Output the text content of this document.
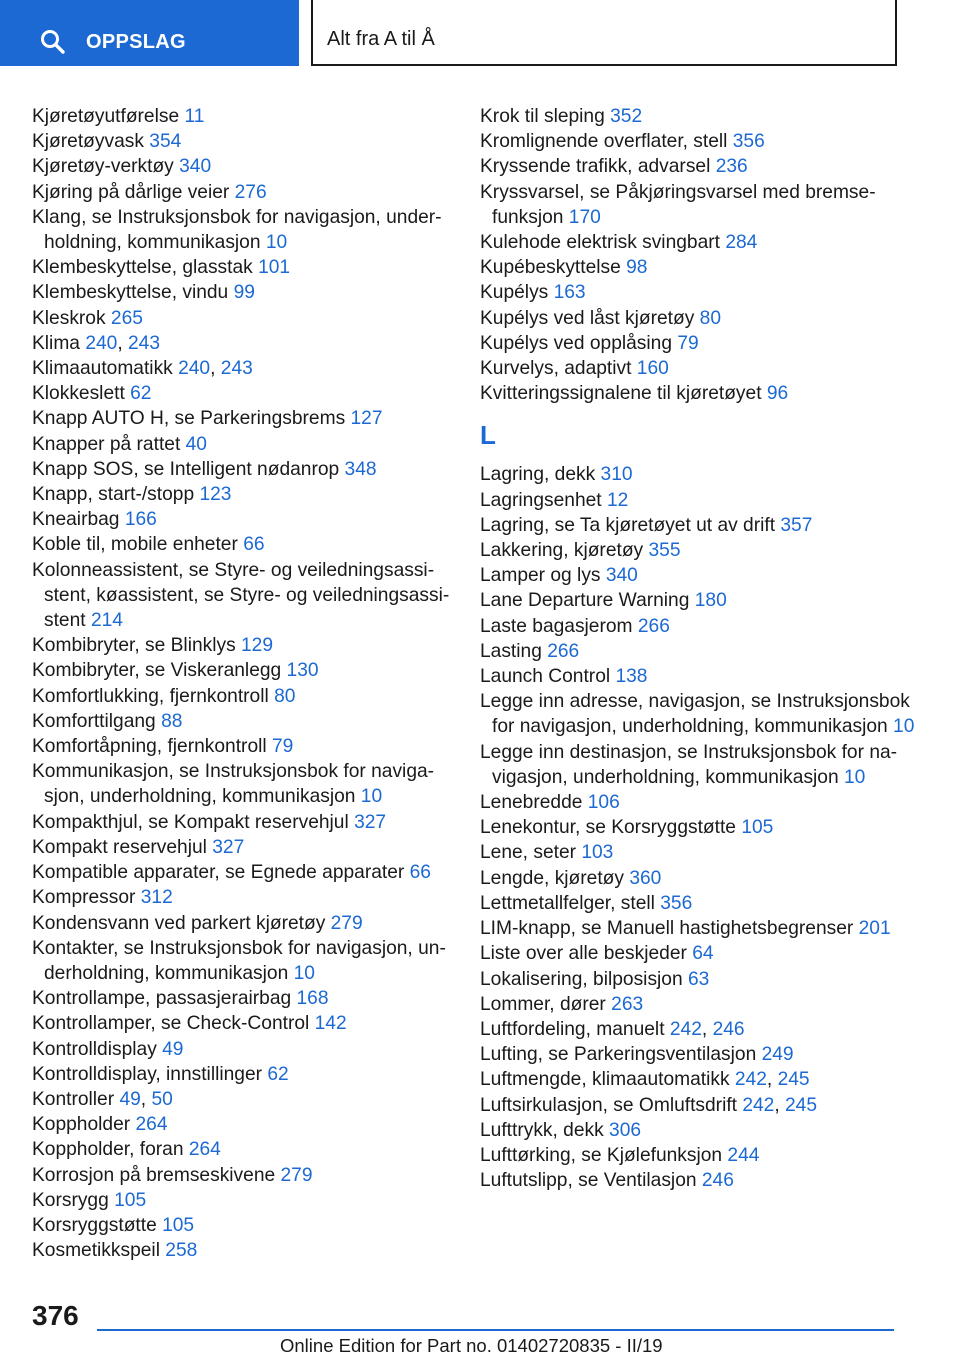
OPPSLAG	Alt fra A til Å
Kjøretøyutførelse 11
Kjøretøyvask 354
Kjøretøy-verktøy 340
Kjøring på dårlige veier 276
Klang, se Instruksjonsbok for navigasjon, underholdning, kommunikasjon 10
Klembeskyttelse, glasstak 101
Klembeskyttelse, vindu 99
Kleskrok 265
Klima 240, 243
Klimaautomatikk 240, 243
Klokkeslett 62
Knapp AUTO H, se Parkeringsbrems 127
Knapper på rattet 40
Knapp SOS, se Intelligent nødanrop 348
Knapp, start-/stopp 123
Kneairbag 166
Koble til, mobile enheter 66
Kolonneassistent, se Styre- og veiledningsassistent, køassistent, se Styre- og veiledningsassistent 214
Kombibryter, se Blinklys 129
Kombibryter, se Viskeranlegg 130
Komfortlukking, fjernkontroll 80
Komforttilgang 88
Komfortåpning, fjernkontroll 79
Kommunikasjon, se Instruksjonsbok for navigasjon, underholdning, kommunikasjon 10
Kompakthjul, se Kompakt reservehjul 327
Kompakt reservehjul 327
Kompatible apparater, se Egnede apparater 66
Kompressor 312
Kondensvann ved parkert kjøretøy 279
Kontakter, se Instruksjonsbok for navigasjon, underholdning, kommunikasjon 10
Kontrollampe, passasjerairbag 168
Kontrollamper, se Check-Control 142
Kontrolldisplay 49
Kontrolldisplay, innstillinger 62
Kontroller 49, 50
Koppholder 264
Koppholder, foran 264
Korrosjon på bremseskivene 279
Korsrygg 105
Korsryggstøtte 105
Kosmetikkspeil 258
Krok til sleping 352
Kromlignende overflater, stell 356
Kryssende trafikk, advarsel 236
Kryssvarsel, se Påkjøringsvarsel med bremsefunksjon 170
Kulehode elektrisk svingbart 284
Kupébeskyttelse 98
Kupélys 163
Kupélys ved låst kjøretøy 80
Kupélys ved opplåsing 79
Kurvelys, adaptivt 160
Kvitteringssignalene til kjøretøyet 96
L
Lagring, dekk 310
Lagringsenhet 12
Lagring, se Ta kjøretøyet ut av drift 357
Lakkering, kjøretøy 355
Lamper og lys 340
Lane Departure Warning 180
Laste bagasjerom 266
Lasting 266
Launch Control 138
Legge inn adresse, navigasjon, se Instruksjonsbok for navigasjon, underholdning, kommunikasjon 10
Legge inn destinasjon, se Instruksjonsbok for navigasjon, underholdning, kommunikasjon 10
Lenebredde 106
Lenekontur, se Korsryggstøtte 105
Lene, seter 103
Lengde, kjøretøy 360
Lettmetallfelger, stell 356
LIM-knapp, se Manuell hastighetsbegrenser 201
Liste over alle beskjeder 64
Lokalisering, bilposisjon 63
Lommer, dører 263
Luftfordeling, manuelt 242, 246
Lufting, se Parkeringsventilasjon 249
Luftmengde, klimaautomatikk 242, 245
Luftsirkulasjon, se Omluftsdrift 242, 245
Lufttrykk, dekk 306
Lufttørking, se Kjølefunksjon 244
Luftutslipp, se Ventilasjon 246
376
Online Edition for Part no. 01402720835 - II/19
